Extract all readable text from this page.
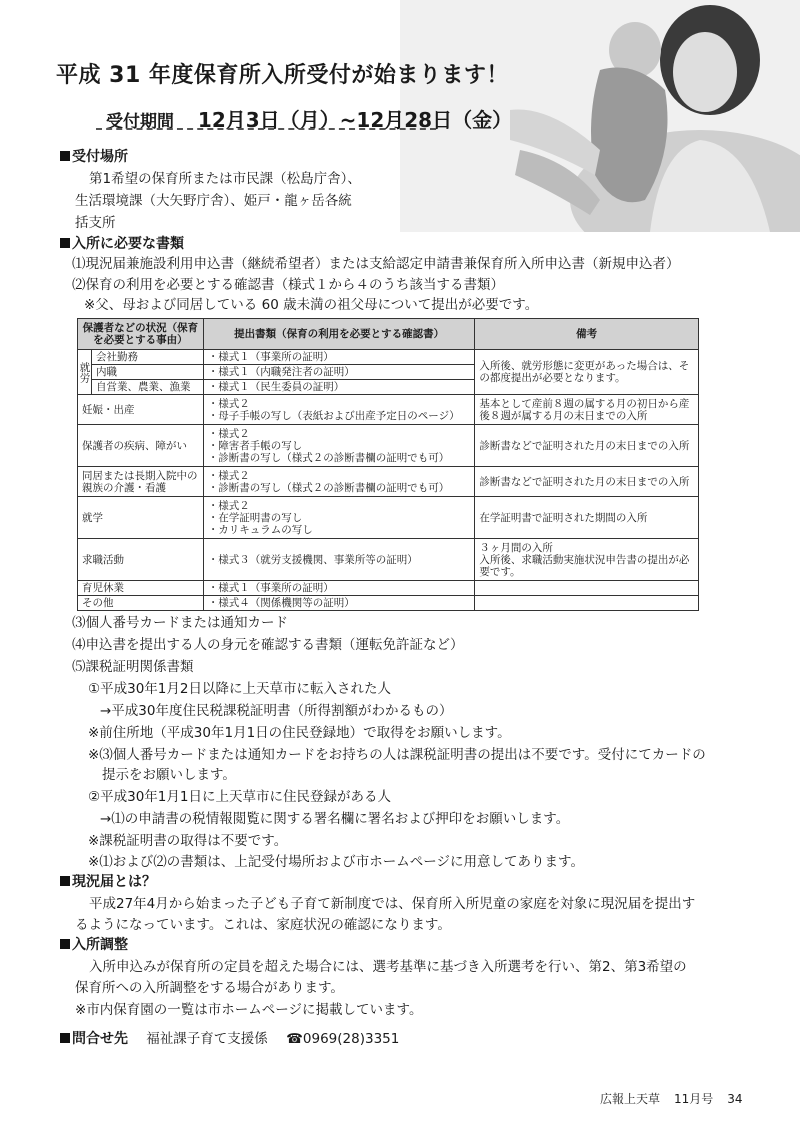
平成 31 年度保育所入所受付が始まります！
受付期間 12月3日（月）~12月28日（金）
受付場所
第1希望の保育所または市民課（松島庁舎）、
生活環境課（大矢野庁舎）、姫戸・龍ヶ岳各統
括支所
入所に必要な書類
⑴現況届兼施設利用申込書（継続希望者）または支給認定申請書兼保育所入所申込書（新規申込者）
⑵保育の利用を必要とする確認書（様式１から４のうち該当する書類）
※父、母および同居している 60 歳未満の祖父母について提出が必要です。
保護者などの状況（保育を必要とする事由）		提出書類（保育の利用を必要とする確認書）	備考
就労	会社勤務	・様式１（事業所の証明）	入所後、就労形態に変更があった場合は、その都度提出が必要となります。
	内職	・様式１（内職発注者の証明）	
	自営業、農業、漁業	・様式１（民生委員の証明）	
妊娠・出産		・様式２
・母子手帳の写し（表紙および出産予定日のページ）	基本として産前８週の属する月の初日から産後８週が属する月の末日までの入所
保護者の疾病、障がい		・様式２
・障害者手帳の写し
・診断書の写し（様式２の診断書欄の証明でも可）	診断書などで証明された月の末日までの入所
同居または長期入院中の親族の介護・看護		・様式２
・診断書の写し（様式２の診断書欄の証明でも可）	診断書などで証明された月の末日までの入所
就学		・様式２
・在学証明書の写し
・カリキュラムの写し	在学証明書で証明された期間の入所
求職活動		・様式３（就労支援機関、事業所等の証明）	３ヶ月間の入所
入所後、求職活動実施状況申告書の提出が必要です。
育児休業		・様式１（事業所の証明）	
その他		・様式４（関係機関等の証明）	
⑶個人番号カードまたは通知カード
⑷申込書を提出する人の身元を確認する書類（運転免許証など）
⑸課税証明関係書類
①平成30年1月2日以降に上天草市に転入された人
→平成30年度住民税課税証明書（所得割額がわかるもの）
※前住所地（平成30年1月1日の住民登録地）で取得をお願いします。
※⑶個人番号カードまたは通知カードをお持ちの人は課税証明書の提出は不要です。受付にてカードの
提示をお願いします。
②平成30年1月1日に上天草市に住民登録がある人
→⑴の申請書の税情報閲覧に関する署名欄に署名および押印をお願いします。
※課税証明書の取得は不要です。
※⑴および⑵の書類は、上記受付場所および市ホームページに用意してあります。
現況届とは？
平成27年4月から始まった子ども子育て新制度では、保育所入所児童の家庭を対象に現況届を提出す
るようになっています。これは、家庭状況の確認になります。
入所調整
入所申込みが保育所の定員を超えた場合には、選考基準に基づき入所選考を行い、第2、第3希望の
保育所への入所調整をする場合があります。
※市内保育園の一覧は市ホームページに掲載しています。
問合せ先 福祉課子育て支援係 ☎0969(28)3351
広報上天草 11月号 34
